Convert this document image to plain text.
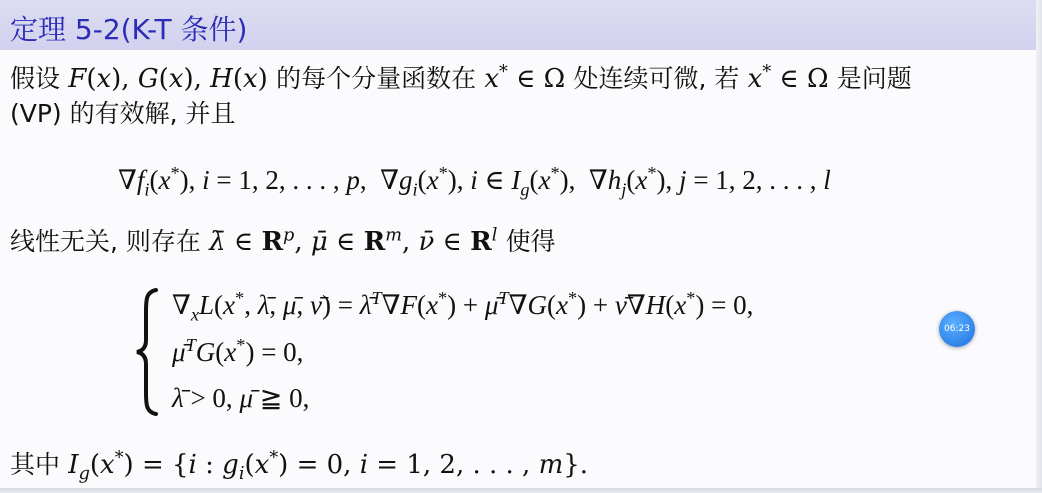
定理 5-2(K-T 条件)
假设 F(x), G(x), H(x) 的每个分量函数在 x* ∈ Ω 处连续可微, 若 x* ∈ Ω 是问题
(VP) 的有效解, 并且
$\nabla f_i(x^*)$, i = 1, 2, . . . , p,  $\nabla g_i(x^*)$, i ∈ $I_g(x^*)$,  $\nabla h_j(x^*)$, j = 1, 2, . . . , l
线性无关, 则存在 λ̄ ∈ $R^p$, μ̄ ∈ $R^m$, ν̄ ∈ $R^l$ 使得
$\nabla_xL(x^*$, λ̄, μ̄, ν̄) = λ̄$^T$∇F(x*) + μ̄$^T$∇G(x*) + ν̄∇H(x*) = 0,
μ̄$^T$G(x*) = 0,
λ̄ > 0, μ̄ ≧ 0,
其中 $I_g(x^*) = \{i$ : $g_i(x^*) = 0$, i = 1, 2, . . . , m}.
06:23
